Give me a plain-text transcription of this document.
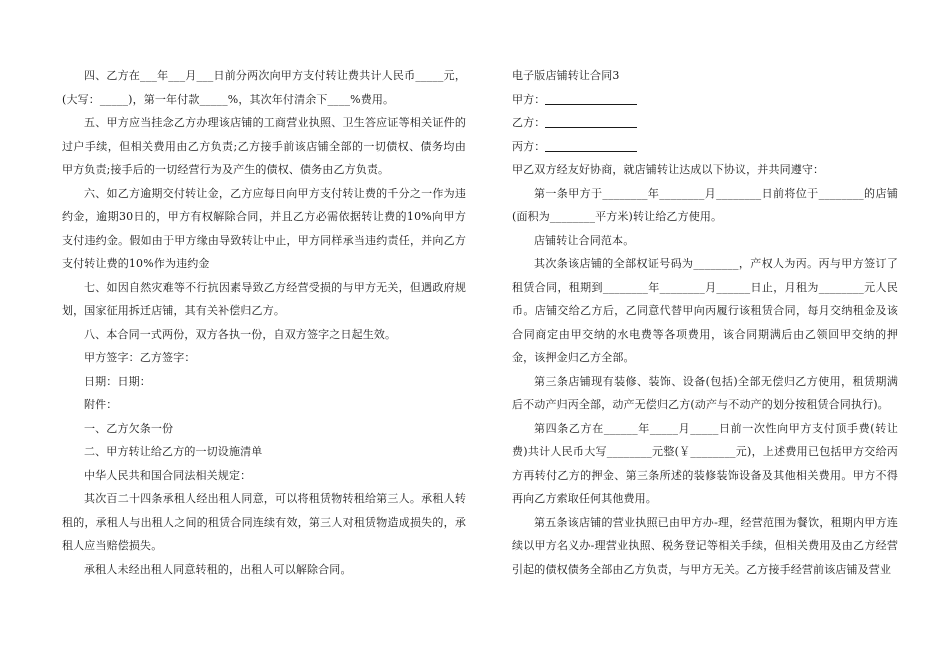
四、乙方在___年___月___日前分两次向甲方支付转让费共计人民币_____元，(大写：_____)，第一年付款_____%，其次年付清余下____%费用。

五、甲方应当挂念乙方办理该店铺的工商营业执照、卫生答应证等相关证件的过户手续，但相关费用由乙方负责;乙方接手前该店铺全部的一切债权、债务均由甲方负责;接手后的一切经营行为及产生的债权、债务由乙方负责。

六、如乙方逾期交付转让金，乙方应每日向甲方支付转让费的千分之一作为违约金，逾期30日的，甲方有权解除合同，并且乙方必需依据转让费的10%向甲方支付违约金。假如由于甲方缘由导致转让中止，甲方同样承当违约责任，并向乙方支付转让费的10%作为违约金

七、如因自然灾难等不行抗因素导致乙方经营受损的与甲方无关，但遇政府规划，国家征用拆迁店铺，其有关补偿归乙方。

八、本合同一式两份，双方各执一份，自双方签字之日起生效。

甲方签字：乙方签字：

日期：日期：

附件：

一、乙方欠条一份

二、甲方转让给乙方的一切设施清单

中华人民共和国合同法相关规定：

其次百二十四条承租人经出租人同意，可以将租赁物转租给第三人。承租人转租的，承租人与出租人之间的租赁合同连续有效，第三人对租赁物造成损失的，承租人应当赔偿损失。

承租人未经出租人同意转租的，出租人可以解除合同。

电子版店铺转让合同3

甲方：

乙方：

丙方：

甲乙双方经友好协商，就店铺转让达成以下协议，并共同遵守：

第一条甲方于________年________月________日前将位于________的店铺(面积为________平方米)转让给乙方使用。

店铺转让合同范本。

其次条该店铺的全部权证号码为________，产权人为丙。丙与甲方签订了租赁合同，租期到________年________月______日止，月租为________元人民币。店铺交给乙方后，乙同意代替甲向丙履行该租赁合同，每月交纳租金及该合同商定由甲交纳的水电费等各项费用，该合同期满后由乙领回甲交纳的押金，该押金归乙方全部。

第三条店铺现有装修、装饰、设备(包括)全部无偿归乙方使用，租赁期满后不动产归丙全部，动产无偿归乙方(动产与不动产的划分按租赁合同执行)。

第四条乙方在______年_____月_____日前一次性向甲方支付顶手费(转让费)共计人民币大写________元整(￥________元)，上述费用已包括甲方交给丙方再转付乙方的押金、第三条所述的装修装饰设备及其他相关费用。甲方不得再向乙方索取任何其他费用。

第五条该店铺的营业执照已由甲方办-理，经营范围为餐饮，租期内甲方连续以甲方名义办-理营业执照、税务登记等相关手续，但相关费用及由乙方经营引起的债权债务全部由乙方负责，与甲方无关。乙方接手经营前该店铺及营业
